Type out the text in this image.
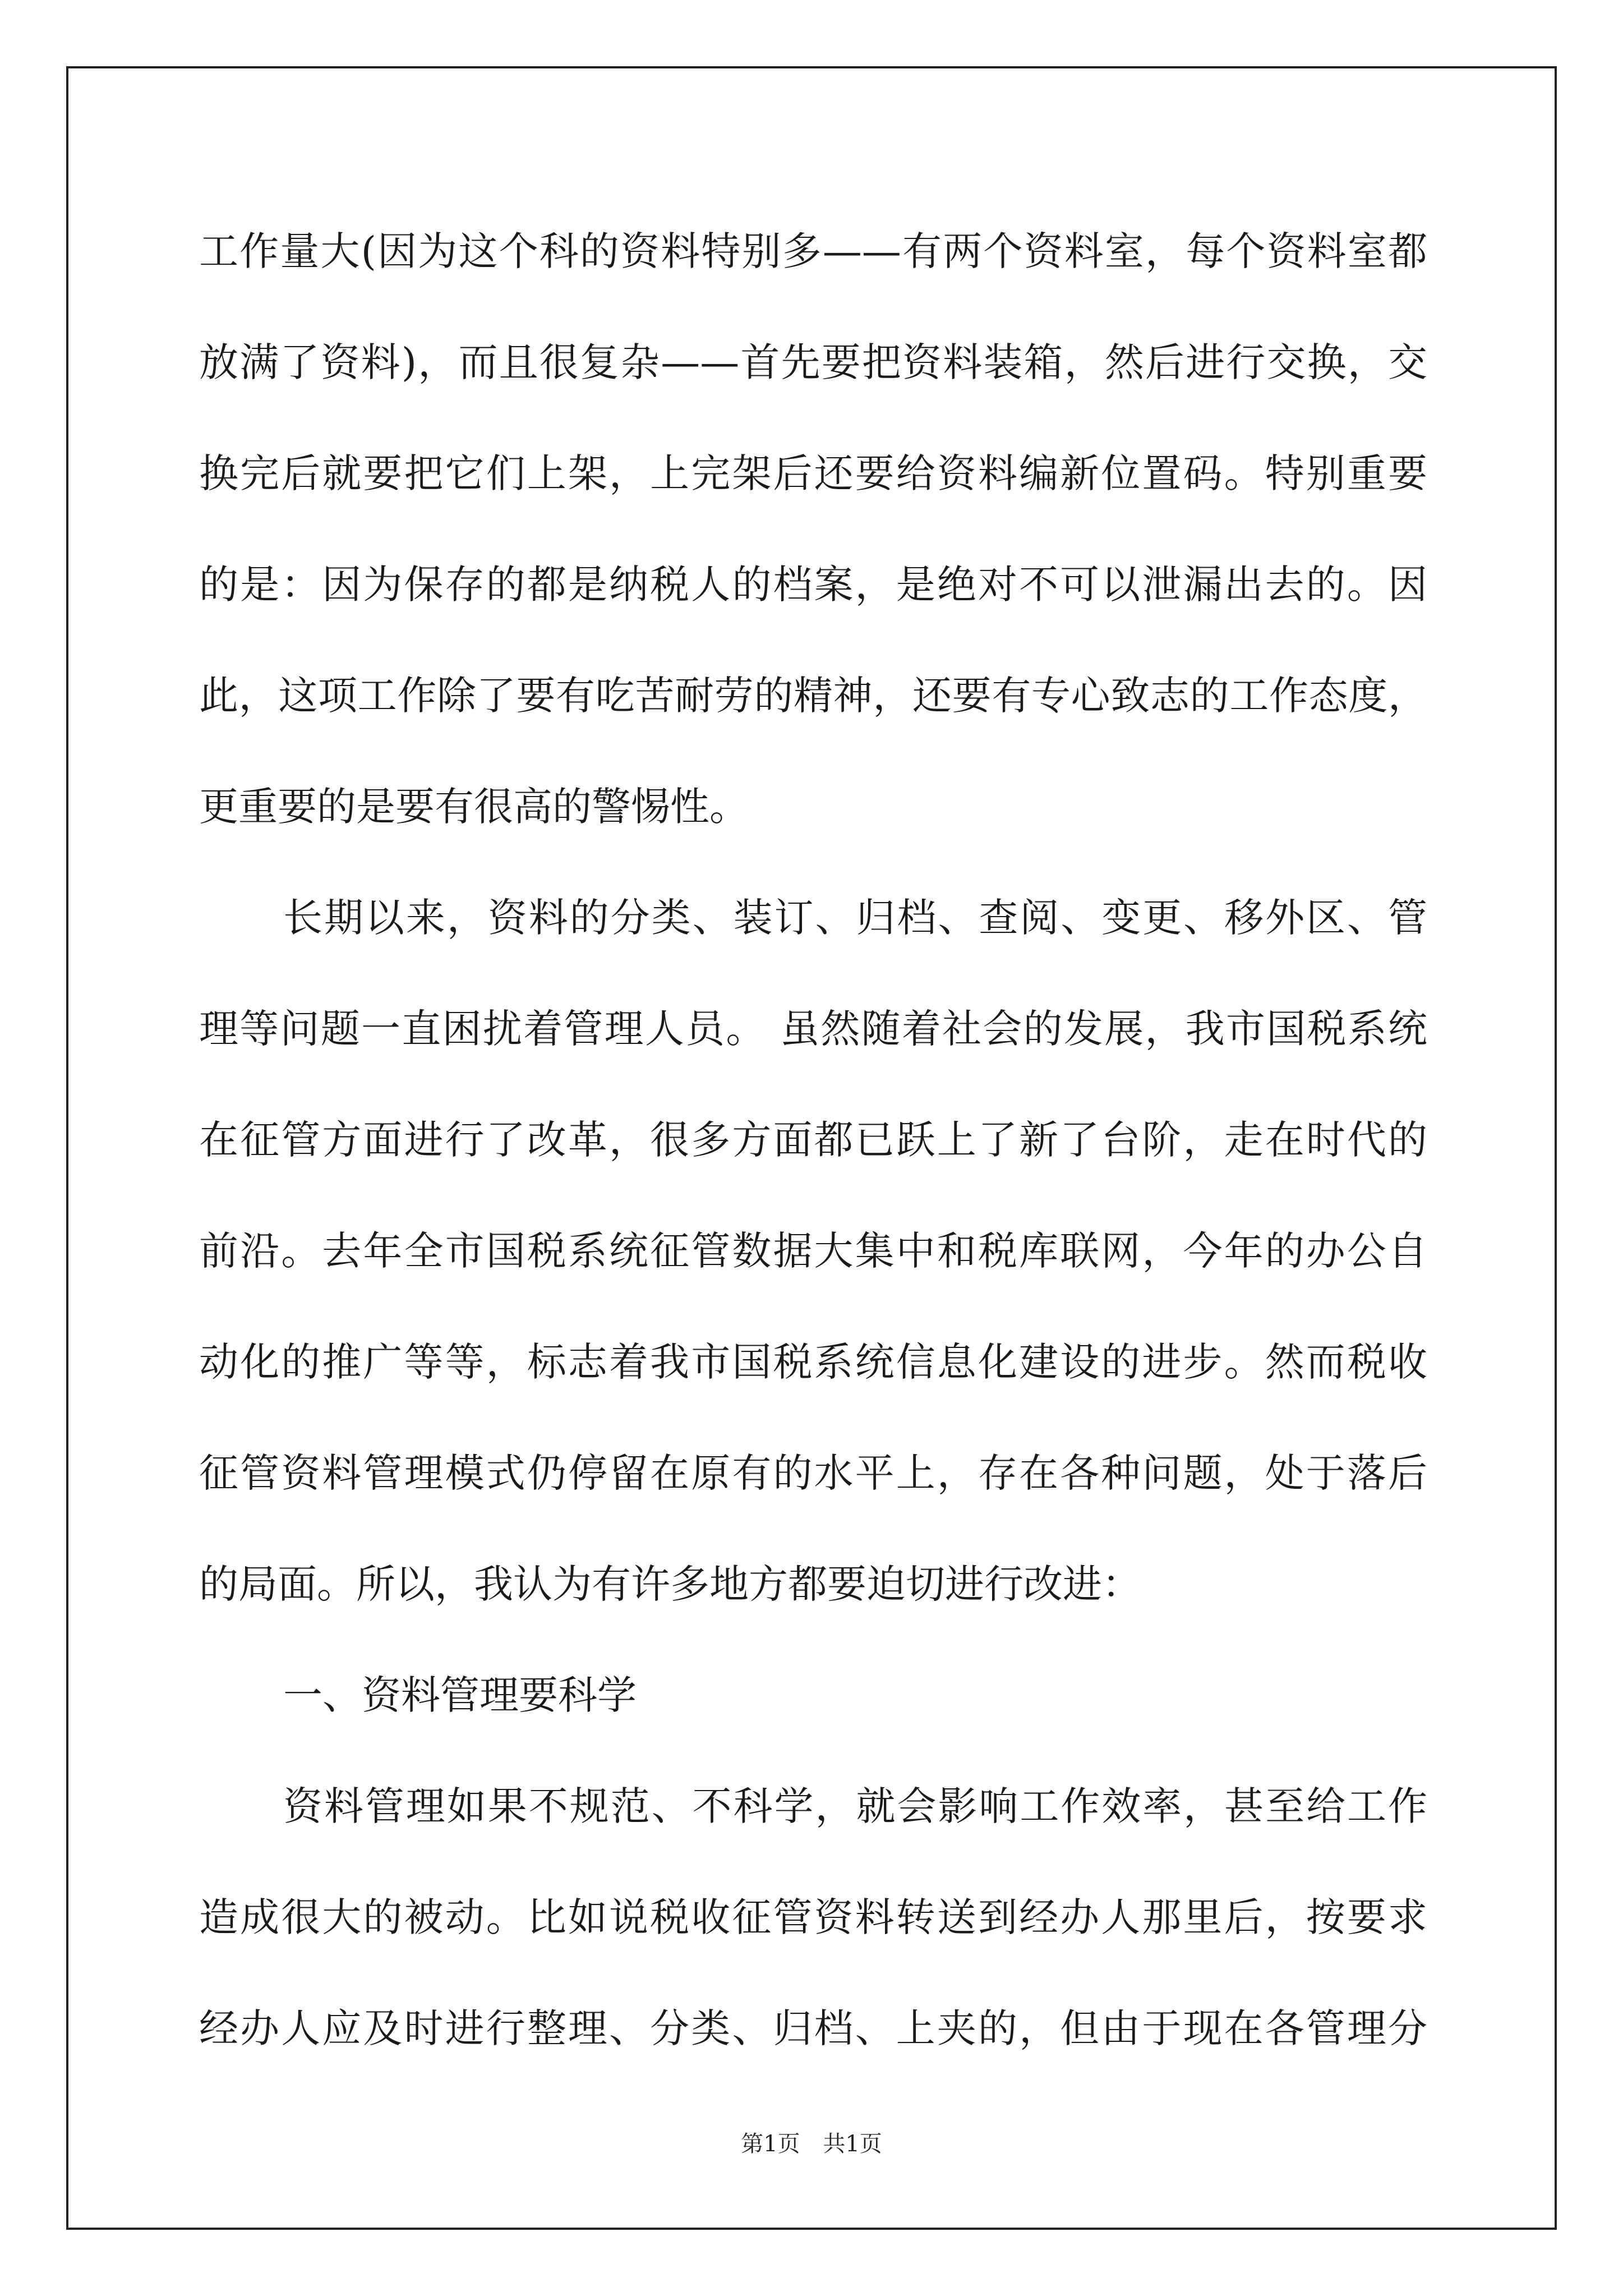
工作量大(因为这个科的资料特别多——有两个资料室，每个资料室都
放满了资料)，而且很复杂——首先要把资料装箱，然后进行交换，交
换完后就要把它们上架，上完架后还要给资料编新位置码。特别重要
的是：因为保存的都是纳税人的档案，是绝对不可以泄漏出去的。因
此，这项工作除了要有吃苦耐劳的精神，还要有专心致志的工作态度，
更重要的是要有很高的警惕性。
长期以来，资料的分类、装订、归档、查阅、变更、移外区、管
理等问题一直困扰着管理人员。 虽然随着社会的发展，我市国税系统
在征管方面进行了改革，很多方面都已跃上了新了台阶，走在时代的
前沿。去年全市国税系统征管数据大集中和税库联网，今年的办公自
动化的推广等等，标志着我市国税系统信息化建设的进步。然而税收
征管资料管理模式仍停留在原有的水平上，存在各种问题，处于落后
的局面。所以，我认为有许多地方都要迫切进行改进：
一、资料管理要科学
资料管理如果不规范、不科学，就会影响工作效率，甚至给工作
造成很大的被动。比如说税收征管资料转送到经办人那里后，按要求
经办人应及时进行整理、分类、归档、上夹的，但由于现在各管理分
第1页 共1页
